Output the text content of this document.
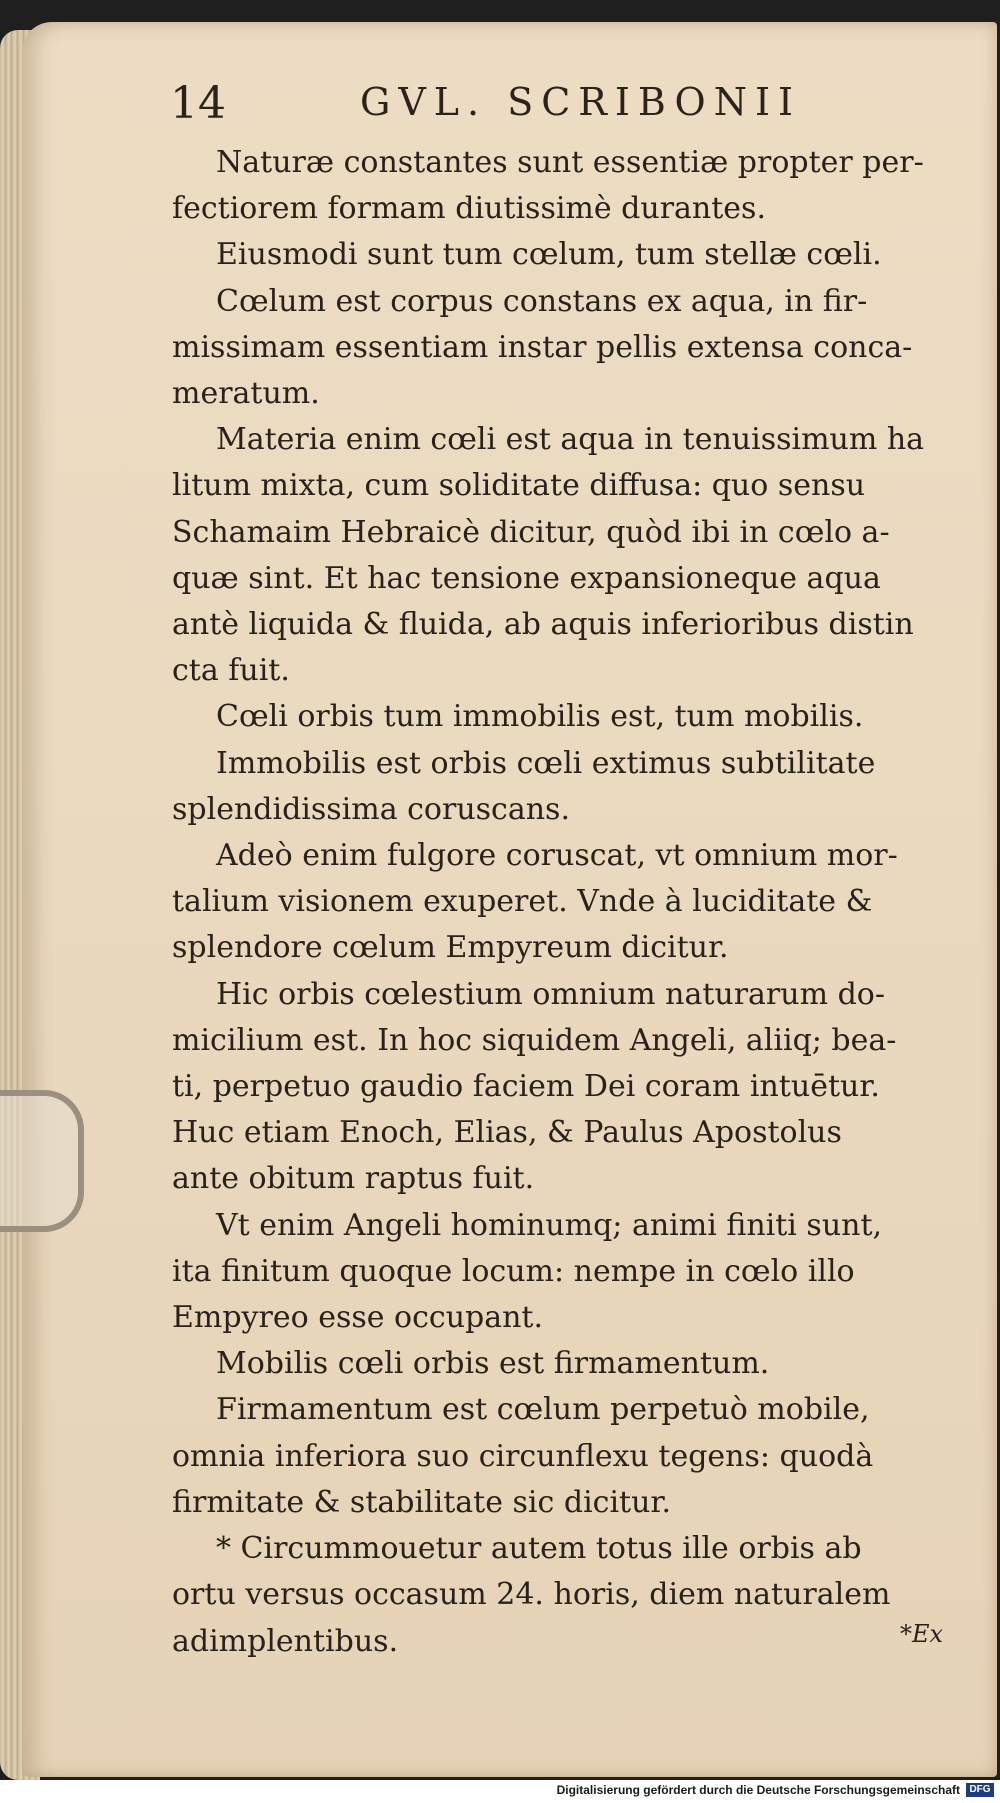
14	GVL. SCRIBONII
Naturæ constantes sunt essentiæ propter per-
fectiorem formam diutissimè durantes.
Eiusmodi sunt tum cœlum, tum stellæ cœli.
Cœlum est corpus constans ex aqua, in fir-
missimam essentiam instar pellis extensa conca-
meratum.
Materia enim cœli est aqua in tenuissimum ha
litum mixta, cum soliditate diffusa: quo sensu
Schamaim Hebraicè dicitur, quòd ibi in cœlo a-
quæ sint. Et hac tensione expansioneque aqua
antè liquida & fluida, ab aquis inferioribus distin
cta fuit.
Cœli orbis tum immobilis est, tum mobilis.
Immobilis est orbis cœli extimus subtilitate
splendidissima coruscans.
Adeò enim fulgore coruscat, vt omnium mor-
talium visionem exuperet. Vnde à luciditate &
splendore cœlum Empyreum dicitur.
Hic orbis cœlestium omnium naturarum do-
micilium est. In hoc siquidem Angeli, aliiq; bea-
ti, perpetuo gaudio faciem Dei coram intuētur.
Huc etiam Enoch, Elias, & Paulus Apostolus
ante obitum raptus fuit.
Vt enim Angeli hominumq; animi finiti sunt,
ita finitum quoque locum: nempe in cœlo illo
Empyreo esse occupant.
Mobilis cœli orbis est firmamentum.
Firmamentum est cœlum perpetuò mobile,
omnia inferiora suo circunflexu tegens: quodà
firmitate & stabilitate sic dicitur.
* Circummouetur autem totus ille orbis ab
ortu versus occasum 24. horis, diem naturalem
adimplentibus.	*Ex
Digitalisierung gefördert durch die Deutsche Forschungsgemeinschaft DFG
